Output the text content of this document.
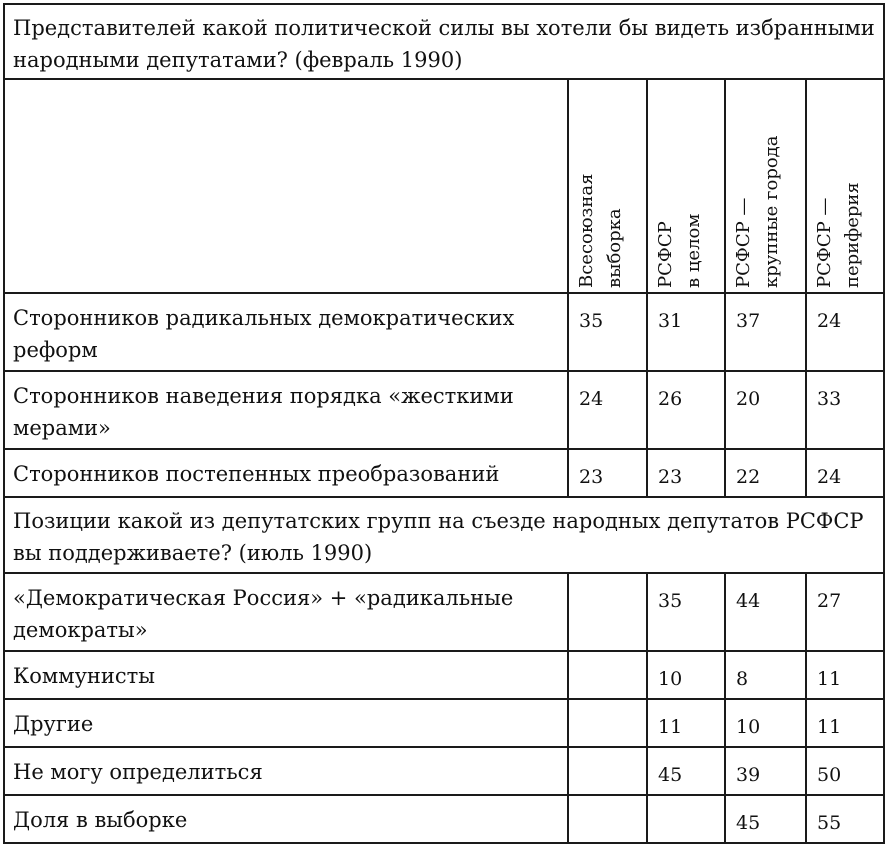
Представителей какой политической силы вы хотели бы видеть избранными народными депутатами? (февраль 1990)				

	Всесоюзная выборка	РСФСР в целом	РСФСР — крупные города	РСФСР — периферия

Сторонников радикальных демократических реформ	35	31	37	24
Сторонников наведения порядка «жесткими мерами»	24	26	20	33
Сторонников постепенных преобразований	23	23	22	24
Позиции какой из депутатских групп на съезде народных депутатов РСФСР вы поддерживаете? (июль 1990)				
«Демократическая Россия» + «радикальные демократы»		35	44	27
Коммунисты		10	8	11
Другие		11	10	11
Не могу определиться		45	39	50
Доля в выборке			45	55
